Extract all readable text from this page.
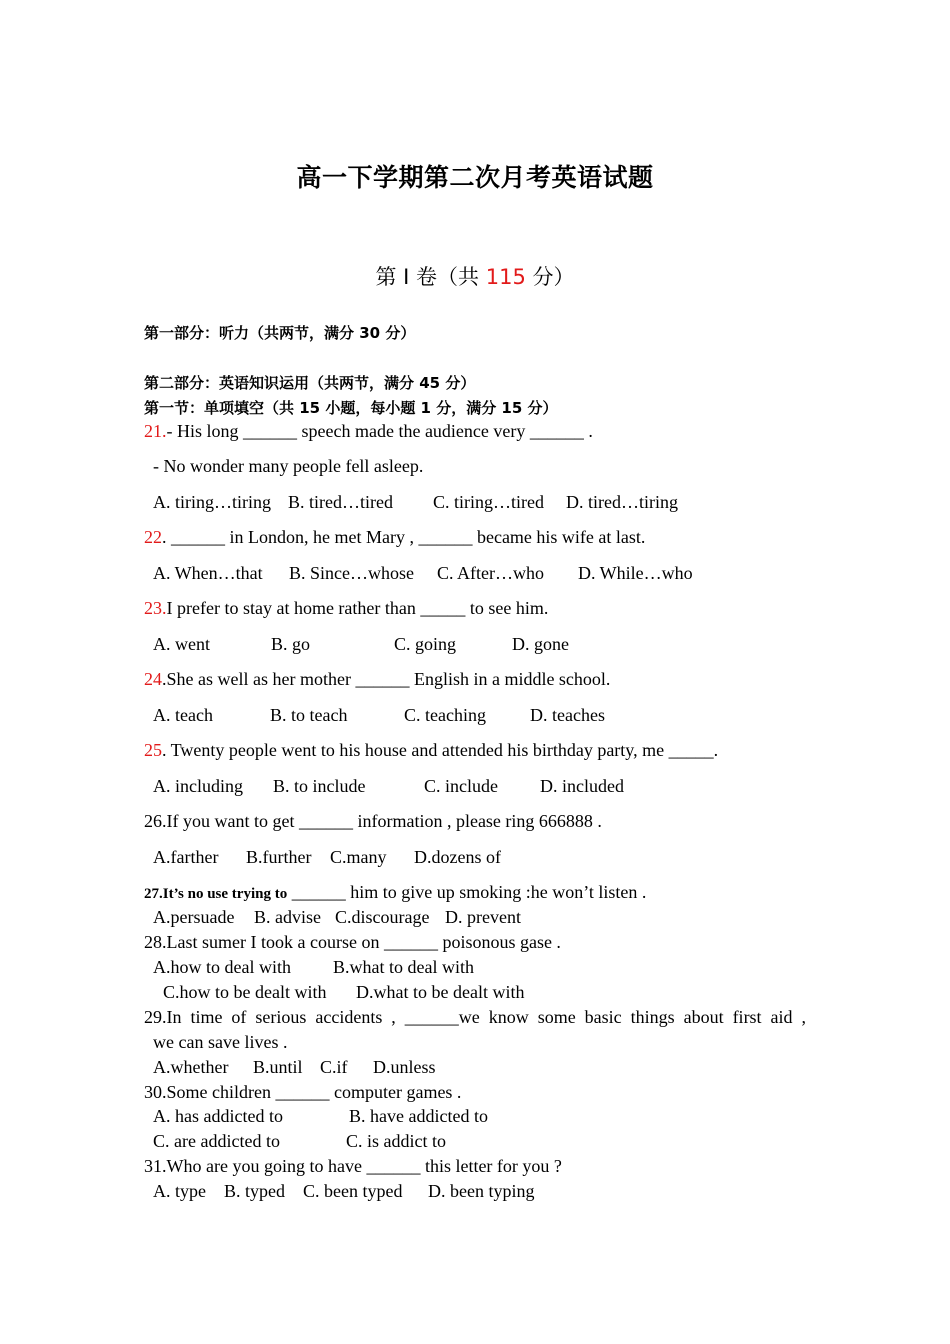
高一下学期第二次月考英语试题
第 I 卷（共 115 分）
第一部分：听力（共两节，满分 30 分）
第二部分：英语知识运用（共两节，满分 45 分）
第一节：单项填空（共 15 小题，每小题 1 分，满分 15 分）
21.- His long ______ speech made the audience very ______ .
- No wonder many people fell asleep.
A. tiring…tiring B. tired…tired C. tiring…tired D. tired…tiring
22. ______ in London, he met Mary , ______ became his wife at last.
A. When…that B. Since…whose C. After…who D. While…who
23.I prefer to stay at home rather than _____ to see him.
A. went	B. go	C. going	D. gone
24.She as well as her mother ______ English in a middle school.
A. teach	B. to teach	C. teaching D. teaches
25. Twenty people went to his house and attended his birthday party, me _____.
A. including B. to include	C. include D. included
26.If you want to get ______ information , please ring 666888 .
A.farther B.further C.many D.dozens of
27.It’s no use trying to ______ him to give up smoking :he won’t listen .
A.persuade B. advise C.discourage D. prevent
28.Last sumer I took a course on ______ poisonous gase .
A.how to deal with B.what to deal with
C.how to be dealt with D.what to be dealt with
29.In time of serious accidents , ______we know some basic things about first aid ,
we can save lives .
A.whether B.until C.if D.unless
30.Some children ______ computer games .
A. has addicted to	B. have addicted to
C. are addicted to	C. is addict to
31.Who are you going to have ______ this letter for you ?
A. type B. typed C. been typed D. been typing
